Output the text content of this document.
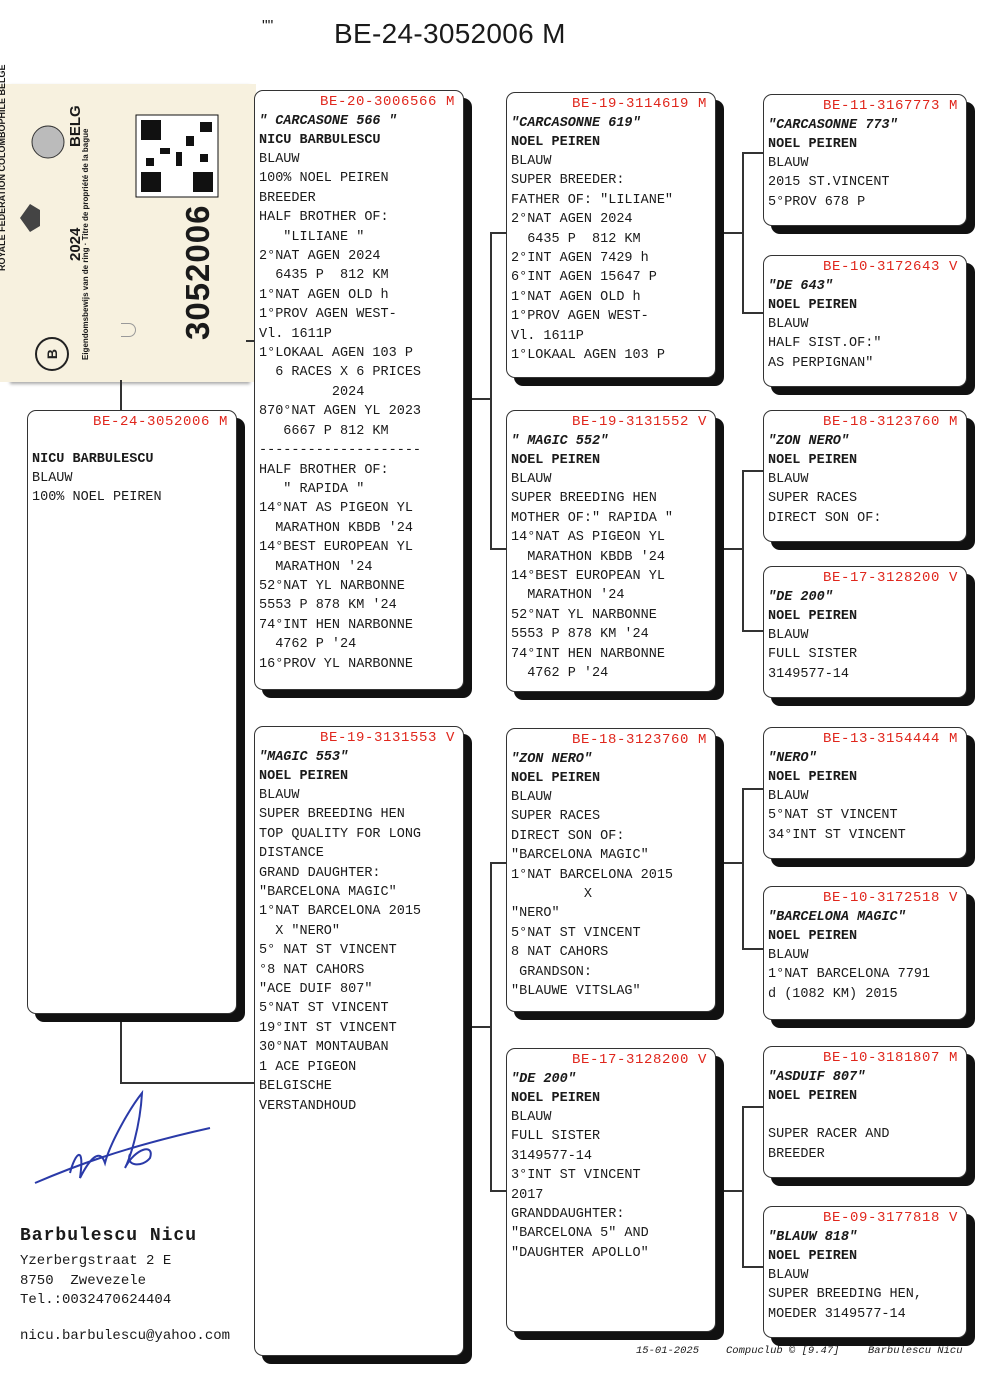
"" BE-24-3052006 M
B	Eigendomsbewijs van de ring · Titre de propriété de la bague
BELG
2024	3052006
BE-24-3052006 M
NICU BARBULESCU
BLAUW
100% NOEL PEIREN
BE-20-3006566 M
" CARCASONE 566 "
NICU BARBULESCU
BLAUW
100% NOEL PEIREN
BREEDER
HALF BROTHER OF:
"LILIANE "
2°NAT AGEN 2024
6435 P  812 KM
1°NAT AGEN OLD h
1°PROV AGEN WEST-
Vl. 1611P
1°LOKAAL AGEN 103 P
6 RACES X 6 PRICES
2024
870°NAT AGEN YL 2023
6667 P 812 KM
--------------------
HALF BROTHER OF:
" RAPIDA "
14°NAT AS PIGEON YL
MARATHON KBDB '24
14°BEST EUROPEAN YL
MARATHON '24
52°NAT YL NARBONNE
5553 P 878 KM '24
74°INT HEN NARBONNE
4762 P '24
16°PROV YL NARBONNE
BE-19-3131553 V
"MAGIC 553"
NOEL PEIREN
BLAUW
SUPER BREEDING HEN
TOP QUALITY FOR LONG
DISTANCE
GRAND DAUGHTER:
"BARCELONA MAGIC"
1°NAT BARCELONA 2015
X "NERO"
5° NAT ST VINCENT
°8 NAT CAHORS
"ACE DUIF 807"
5°NAT ST VINCENT
19°INT ST VINCENT
30°NAT MONTAUBAN
1 ACE PIGEON
BELGISCHE
VERSTANDHOUD
BE-19-3114619 M
"CARCASONNE 619"
NOEL PEIREN
BLAUW
SUPER BREEDER:
FATHER OF: "LILIANE"
2°NAT AGEN 2024
6435 P  812 KM
2°INT AGEN 7429 h
6°INT AGEN 15647 P
1°NAT AGEN OLD h
1°PROV AGEN WEST-
Vl. 1611P
1°LOKAAL AGEN 103 P
BE-19-3131552 V
" MAGIC 552"
NOEL PEIREN
BLAUW
SUPER BREEDING HEN
MOTHER OF:" RAPIDA "
14°NAT AS PIGEON YL
MARATHON KBDB '24
14°BEST EUROPEAN YL
MARATHON '24
52°NAT YL NARBONNE
5553 P 878 KM '24
74°INT HEN NARBONNE
4762 P '24
BE-18-3123760 M
"ZON NERO"
NOEL PEIREN
BLAUW
SUPER RACES
DIRECT SON OF:
"BARCELONA MAGIC"
1°NAT BARCELONA 2015
X
"NERO"
5°NAT ST VINCENT
8 NAT CAHORS
GRANDSON:
"BLAUWE VITSLAG"
BE-17-3128200 V
"DE 200"
NOEL PEIREN
BLAUW
FULL SISTER
3149577-14
3°INT ST VINCENT
2017
GRANDDAUGHTER:
"BARCELONA 5" AND
"DAUGHTER APOLLO"
BE-11-3167773 M
"CARCASONNE 773"
NOEL PEIREN
BLAUW
2015 ST.VINCENT
5°PROV 678 P
BE-10-3172643 V
"DE 643"
NOEL PEIREN
BLAUW
HALF SIST.OF:"
AS PERPIGNAN"
BE-18-3123760 M
"ZON NERO"
NOEL PEIREN
BLAUW
SUPER RACES
DIRECT SON OF:
BE-17-3128200 V
"DE 200"
NOEL PEIREN
BLAUW
FULL SISTER
3149577-14
BE-13-3154444 M
"NERO"
NOEL PEIREN
BLAUW
5°NAT ST VINCENT
34°INT ST VINCENT
BE-10-3172518 V
"BARCELONA MAGIC"
NOEL PEIREN
BLAUW
1°NAT BARCELONA 7791
d (1082 KM) 2015
BE-10-3181807 M
"ASDUIF 807"
NOEL PEIREN

SUPER RACER AND
BREEDER
BE-09-3177818 V
"BLAUW 818"
NOEL PEIREN
BLAUW
SUPER BREEDING HEN,
MOEDER 3149577-14
Barbulescu Nicu
Yzerbergstraat 2 E
8750  Zwevezele
Tel.:0032470624404
nicu.barbulescu@yahoo.com
15-01-2025	Compuclub © [9.47]	Barbulescu Nicu
